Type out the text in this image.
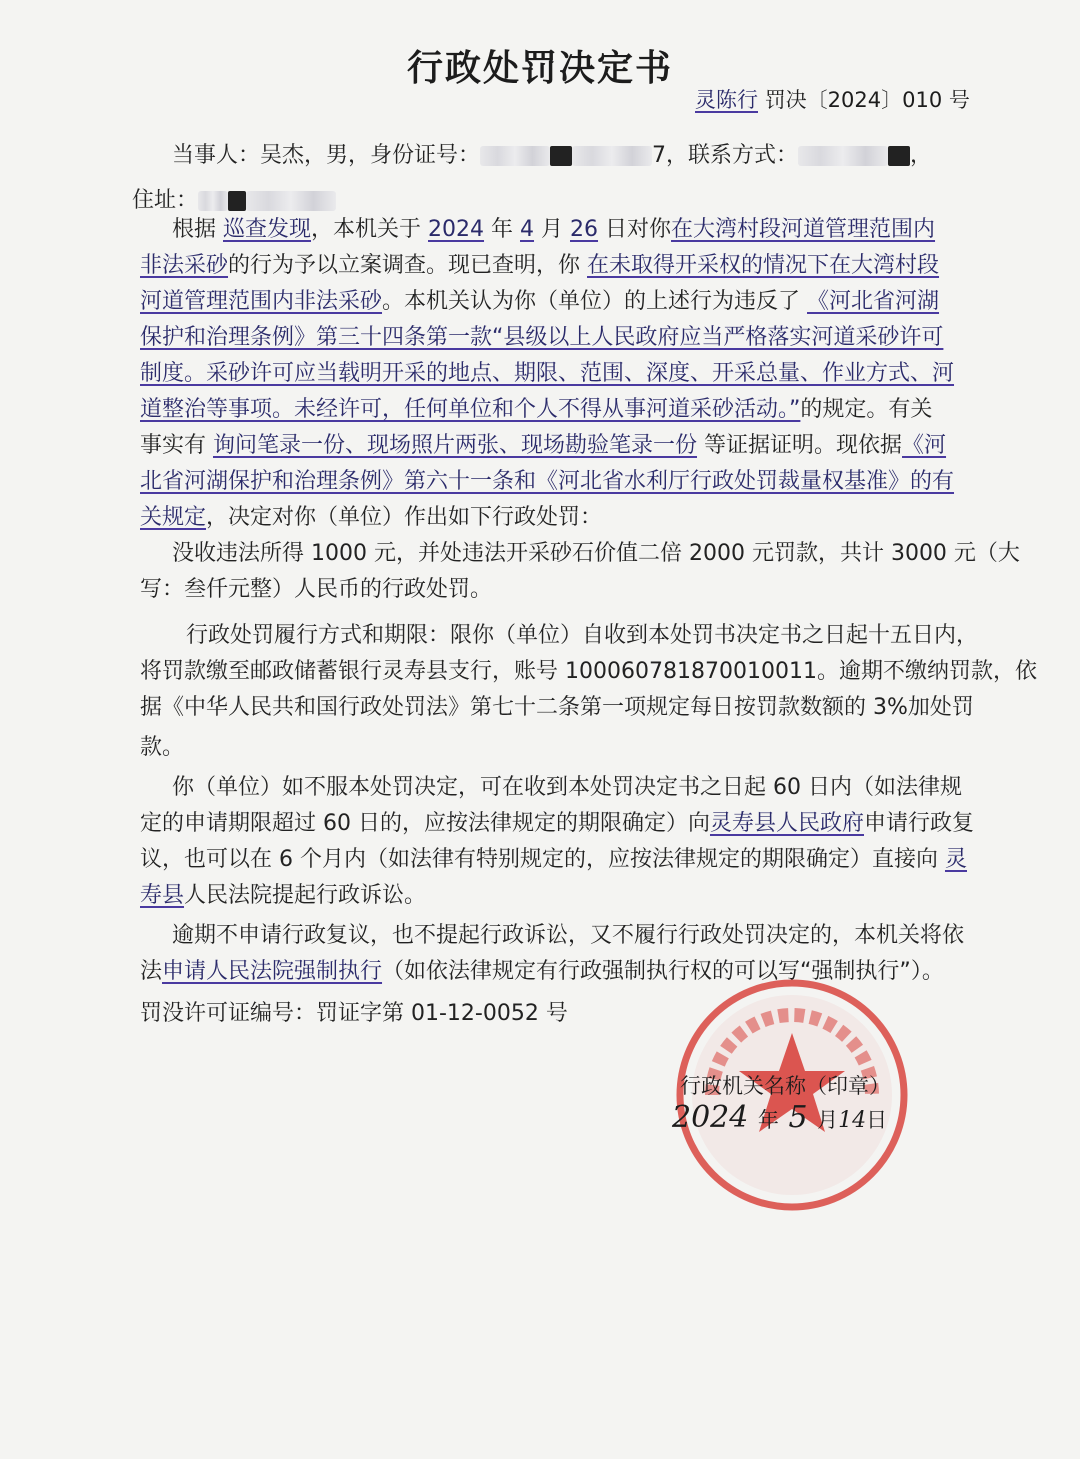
行政处罚决定书
灵陈行 罚决〔2024〕010 号
当事人：吴杰，男，身份证号：	7，联系方式：	，
住址：
根据 巡查发现，本机关于 2024 年 4 月 26 日对你在大湾村段河道管理范围内
非法采砂的行为予以立案调查。现已查明，你 在未取得开采权的情况下在大湾村段
河道管理范围内非法采砂。本机关认为你（单位）的上述行为违反了 《河北省河湖
保护和治理条例》第三十四条第一款“县级以上人民政府应当严格落实河道采砂许可
制度。采砂许可应当载明开采的地点、期限、范围、深度、开采总量、作业方式、河
道整治等事项。未经许可，任何单位和个人不得从事河道采砂活动。”的规定。有关
事实有 询问笔录一份、现场照片两张、现场勘验笔录一份 等证据证明。现依据《河
北省河湖保护和治理条例》第六十一条和《河北省水利厅行政处罚裁量权基准》的有
关规定，决定对你（单位）作出如下行政处罚：
没收违法所得 1000 元，并处违法开采砂石价值二倍 2000 元罚款，共计 3000 元（大
写：叁仟元整）人民币的行政处罚。
行政处罚履行方式和期限：限你（单位）自收到本处罚书决定书之日起十五日内，
将罚款缴至邮政储蓄银行灵寿县支行，账号 100060781870010011。逾期不缴纳罚款，依
据《中华人民共和国行政处罚法》第七十二条第一项规定每日按罚款数额的 3%加处罚
款。
你（单位）如不服本处罚决定，可在收到本处罚决定书之日起 60 日内（如法律规
定的申请期限超过 60 日的，应按法律规定的期限确定）向灵寿县人民政府申请行政复
议，也可以在 6 个月内（如法律有特别规定的，应按法律规定的期限确定）直接向 灵
寿县人民法院提起行政诉讼。
逾期不申请行政复议，也不提起行政诉讼，又不履行行政处罚决定的，本机关将依
法申请人民法院强制执行（如依法律规定有行政强制执行权的可以写“强制执行”）。
罚没许可证编号：罚证字第 01-12-0052 号
行政机关名称（印章）
2024 年 5 月14日
